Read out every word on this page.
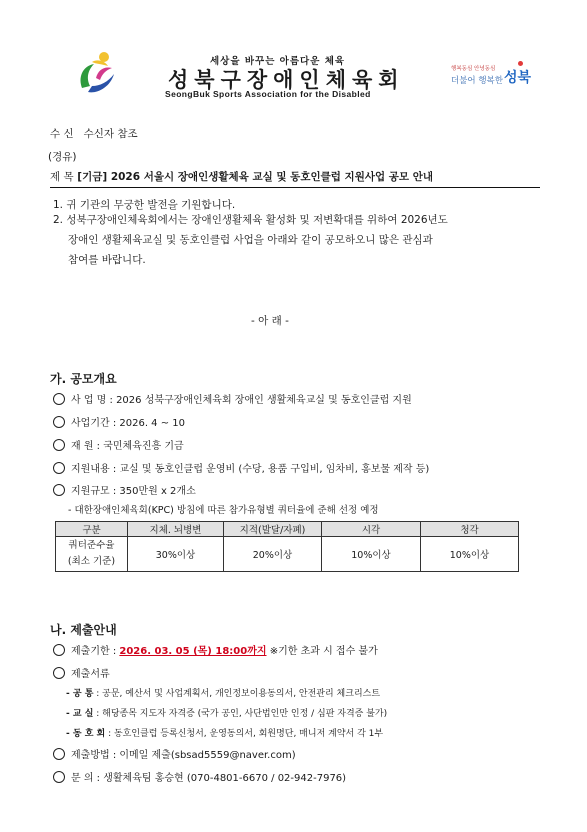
세상을 바꾸는 아름다운 체육
성북구장애인체육회
SeongBuk Sports Association for the Disabled
행복동심 안녕동심
더불어 행복한 성북
수 신 수신자 참조
(경유)
제 목 [기금] 2026 서울시 장애인생활체육 교실 및 동호인클럽 지원사업 공모 안내
1. 귀 기관의 무궁한 발전을 기원합니다.
2. 성북구장애인체육회에서는 장애인생활체육 활성화 및 저변확대를 위하여 2026년도
장애인 생활체육교실 및 동호인클럽 사업을 아래와 같이 공모하오니 많은 관심과
참여를 바랍니다.
- 아 래 -
가. 공모개요
사 업 명 : 2026 성북구장애인체육회 장애인 생활체육교실 및 동호인클럽 지원
사업기간 : 2026. 4 ~ 10
재 원 : 국민체육진흥 기금
지원내용 : 교실 및 동호인클럽 운영비 (수당, 용품 구입비, 임차비, 홍보물 제작 등)
지원규모 : 350만원 x 2개소
- 대한장애인체육회(KPC) 방침에 따른 참가유형별 쿼터율에 준해 선정 예정
구분	지체. 뇌병변	지적(발달/자폐)	시각	청각
쿼터준수율
(최소 기준)	30%이상	20%이상	10%이상	10%이상
나. 제출안내
제출기한 : 2026. 03. 05 (목) 18:00까지 ※기한 초과 시 접수 불가
제출서류
- 공 통 : 공문, 예산서 및 사업계획서, 개인정보이용동의서, 안전관리 체크리스트
- 교 실 : 해당종목 지도자 자격증 (국가 공인, 사단법인만 인정 / 심판 자격증 불가)
- 동 호 회 : 동호인클럽 등록신청서, 운영동의서, 회원명단, 매니저 계약서 각 1부
제출방법 : 이메일 제출(sbsad5559@naver.com)
문 의 : 생활체육팀 홍승현 (070-4801-6670 / 02-942-7976)
